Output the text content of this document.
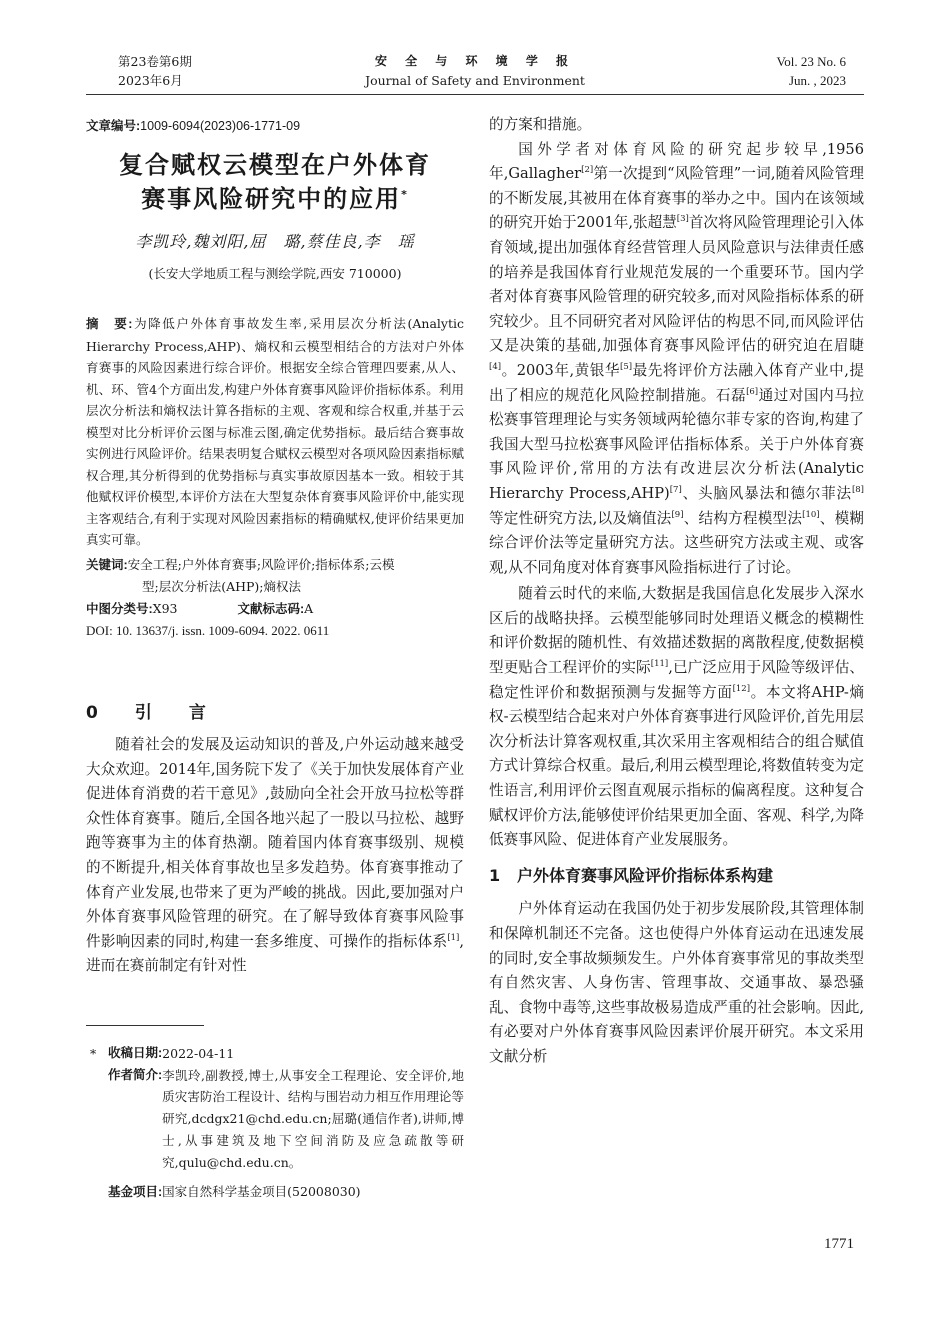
第23卷第6期
2023年6月
安 全 与 环 境 学 报
Journal of Safety and Environment
Vol. 23 No. 6
Jun. , 2023
文章编号:1009-6094(2023)06-1771-09
复合赋权云模型在户外体育
赛事风险研究中的应用*
李凯玲,魏刘阳,屈　璐,蔡佳良,李　瑶
(长安大学地质工程与测绘学院,西安 710000)
摘　要:为降低户外体育事故发生率,采用层次分析法(Analytic Hierarchy Process,AHP)、熵权和云模型相结合的方法对户外体育赛事的风险因素进行综合评价。根据安全综合管理四要素,从人、机、环、管4个方面出发,构建户外体育赛事风险评价指标体系。利用层次分析法和熵权法计算各指标的主观、客观和综合权重,并基于云模型对比分析评价云图与标准云图,确定优势指标。最后结合赛事故实例进行风险评价。结果表明复合赋权云模型对各项风险因素指标赋权合理,其分析得到的优势指标与真实事故原因基本一致。相较于其他赋权评价模型,本评价方法在大型复杂体育赛事风险评价中,能实现主客观结合,有利于实现对风险因素指标的精确赋权,使评价结果更加真实可靠。
关键词:安全工程;户外体育赛事;风险评价;指标体系;云模
型;层次分析法(AHP);熵权法
中图分类号:X93	文献标志码:A
DOI: 10. 13637/j. issn. 1009-6094. 2022. 0611
0　引　言
随着社会的发展及运动知识的普及,户外运动越来越受大众欢迎。2014年,国务院下发了《关于加快发展体育产业促进体育消费的若干意见》,鼓励向全社会开放马拉松等群众性体育赛事。随后,全国各地兴起了一股以马拉松、越野跑等赛事为主的体育热潮。随着国内体育赛事级别、规模的不断提升,相关体育事故也呈多发趋势。体育赛事推动了体育产业发展,也带来了更为严峻的挑战。因此,要加强对户外体育赛事风险管理的研究。在了解导致体育赛事风险事件影响因素的同时,构建一套多维度、可操作的指标体系[1],进而在赛前制定有针对性
* 收稿日期: 2022-04-11
作者简介: 李凯玲,副教授,博士,从事安全工程理论、安全评价,地质灾害防治工程设计、结构与围岩动力相互作用理论等研究,dcdgx21@chd.edu.cn;屈璐(通信作者),讲师,博士,从事建筑及地下空间消防及应急疏散等研究,qulu@chd.edu.cn。
基金项目:国家自然科学基金项目(52008030)
的方案和措施。
国外学者对体育风险的研究起步较早,1956年,Gallagher[2]第一次提到“风险管理”一词,随着风险管理的不断发展,其被用在体育赛事的举办之中。国内在该领域的研究开始于2001年,张超慧[3]首次将风险管理理论引入体育领域,提出加强体育经营管理人员风险意识与法律责任感的培养是我国体育行业规范发展的一个重要环节。国内学者对体育赛事风险管理的研究较多,而对风险指标体系的研究较少。且不同研究者对风险评估的构思不同,而风险评估又是决策的基础,加强体育赛事风险评估的研究迫在眉睫[4]。2003年,黄银华[5]最先将评价方法融入体育产业中,提出了相应的规范化风险控制措施。石磊[6]通过对国内马拉松赛事管理理论与实务领域两轮德尔菲专家的咨询,构建了我国大型马拉松赛事风险评估指标体系。关于户外体育赛事风险评价,常用的方法有改进层次分析法(Analytic Hierarchy Process,AHP)[7]、头脑风暴法和德尔菲法[8]等定性研究方法,以及熵值法[9]、结构方程模型法[10]、模糊综合评价法等定量研究方法。这些研究方法或主观、或客观,从不同角度对体育赛事风险指标进行了讨论。
随着云时代的来临,大数据是我国信息化发展步入深水区后的战略抉择。云模型能够同时处理语义概念的模糊性和评价数据的随机性、有效描述数据的离散程度,使数据模型更贴合工程评价的实际[11],已广泛应用于风险等级评估、稳定性评价和数据预测与发掘等方面[12]。本文将AHP-熵权-云模型结合起来对户外体育赛事进行风险评价,首先用层次分析法计算客观权重,其次采用主客观相结合的组合赋值方式计算综合权重。最后,利用云模型理论,将数值转变为定性语言,利用评价云图直观展示指标的偏离程度。这种复合赋权评价方法,能够使评价结果更加全面、客观、科学,为降低赛事风险、促进体育产业发展服务。
1 户外体育赛事风险评价指标体系构建
户外体育运动在我国仍处于初步发展阶段,其管理体制和保障机制还不完备。这也使得户外体育运动在迅速发展的同时,安全事故频频发生。户外体育赛事常见的事故类型有自然灾害、人身伤害、管理事故、交通事故、暴恐骚乱、食物中毒等,这些事故极易造成严重的社会影响。因此,有必要对户外体育赛事风险因素评价展开研究。本文采用文献分析
1771
